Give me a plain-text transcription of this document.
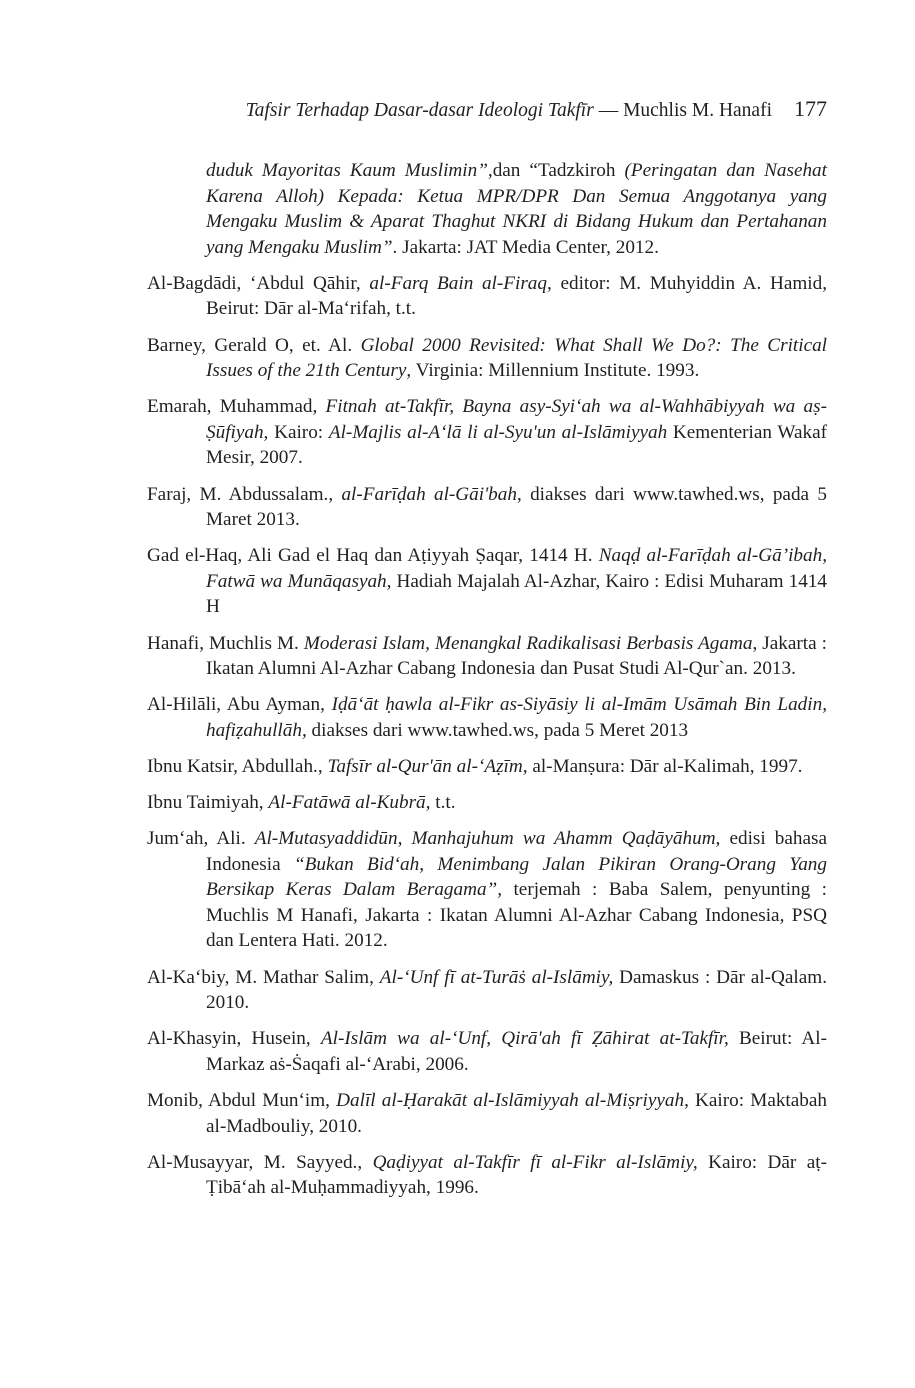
Tafsir Terhadap Dasar-dasar Ideologi Takfīr — Muchlis M. Hanafi 177

duduk Mayoritas Kaum Muslimin”,dan “Tadzkiroh (Peringatan dan Nasehat Karena Alloh) Kepada: Ketua MPR/DPR Dan Semua Anggotanya yang Mengaku Muslim & Aparat Thaghut NKRI di Bidang Hukum dan Pertahanan yang Mengaku Muslim”. Jakarta: JAT Media Center, 2012.

Al-Bagdādi, ‘Abdul Qāhir, al-Farq Bain al-Firaq, editor: M. Muhyiddin A. Hamid, Beirut: Dār al-Ma‘rifah, t.t.

Barney, Gerald O, et. Al. Global 2000 Revisited: What Shall We Do?: The Critical Issues of the 21th Century, Virginia: Millennium Institute. 1993.

Emarah, Muhammad, Fitnah at-Takfīr, Bayna asy-Syi‘ah wa al-Wahhābiyyah wa aṣ-Ṣūfiyah, Kairo: Al-Majlis al-A‘lā li al-Syu'un al-Islāmiyyah Kementerian Wakaf Mesir, 2007.

Faraj, M. Abdussalam., al-Farīḍah al-Gāi'bah, diakses dari www.tawhed.ws, pada 5 Maret 2013.

Gad el-Haq, Ali Gad el Haq dan Aṭiyyah Ṣaqar, 1414 H. Naqḍ al-Farīḍah al-Gā’ibah, Fatwā wa Munāqasyah, Hadiah Majalah Al-Azhar, Kairo : Edisi Muharam 1414 H

Hanafi, Muchlis M. Moderasi Islam, Menangkal Radikalisasi Berbasis Agama, Jakarta : Ikatan Alumni Al-Azhar Cabang Indonesia dan Pusat Studi Al-Qur`an. 2013.

Al-Hilāli, Abu Ayman, Iḍā‘āt ḥawla al-Fikr as-Siyāsiy li al-Imām Usāmah Bin Ladin, hafiẓahullāh, diakses dari www.tawhed.ws, pada 5 Meret 2013

Ibnu Katsir, Abdullah., Tafsīr al-Qur'ān al-‘Aẓīm, al-Manṣura: Dār al-Kalimah, 1997.

Ibnu Taimiyah, Al-Fatāwā al-Kubrā, t.t.

Jum‘ah, Ali. Al-Mutasyaddidūn, Manhajuhum wa Ahamm Qaḍāyāhum, edisi bahasa Indonesia “Bukan Bid‘ah, Menimbang Jalan Pikiran Orang-Orang Yang Bersikap Keras Dalam Beragama”, terjemah : Baba Salem, penyunting : Muchlis M Hanafi, Jakarta : Ikatan Alumni Al-Azhar Cabang Indonesia, PSQ dan Lentera Hati. 2012.

Al-Ka‘biy, M. Mathar Salim, Al-‘Unf fī at-Turāṡ al-Islāmiy, Damaskus : Dār al-Qalam. 2010.

Al-Khasyin, Husein, Al-Islām wa al-‘Unf, Qirā'ah fī Ẓāhirat at-Takfīr, Beirut: Al-Markaz aṡ-Ṡaqafi al-‘Arabi, 2006.

Monib, Abdul Mun‘im, Dalīl al-Ḥarakāt al-Islāmiyyah al-Miṣriyyah, Kairo: Maktabah al-Madbouliy, 2010.

Al-Musayyar, M. Sayyed., Qaḍiyyat al-Takfīr fī al-Fikr al-Islāmiy, Kairo: Dār aṭ-Ṭibā‘ah al-Muḥammadiyyah, 1996.
